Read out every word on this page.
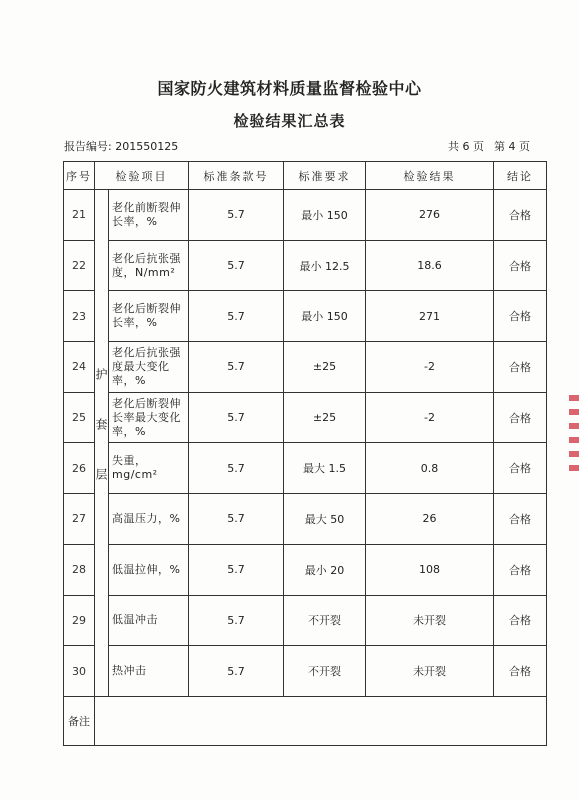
国家防火建筑材料质量监督检验中心
检验结果汇总表
报告编号: 201550125	共 6 页 第 4 页
序号	检验项目		标准条款号	标准要求	检验结果	结论
21	护套层	老化前断裂伸长率，%	5.7	最小 150	276	合格
22		老化后抗张强度，N/mm²	5.7	最小 12.5	18.6	合格
23		老化后断裂伸长率，%	5.7	最小 150	271	合格
24		老化后抗张强度最大变化率，%	5.7	±25	-2	合格
25		老化后断裂伸长率最大变化率，%	5.7	±25	-2	合格
26		失重，mg/cm²	5.7	最大 1.5	0.8	合格
27		高温压力，%	5.7	最大 50	26	合格
28		低温拉伸，%	5.7	最小 20	108	合格
29		低温冲击	5.7	不开裂	未开裂	合格
30		热冲击	5.7	不开裂	未开裂	合格
备注						
